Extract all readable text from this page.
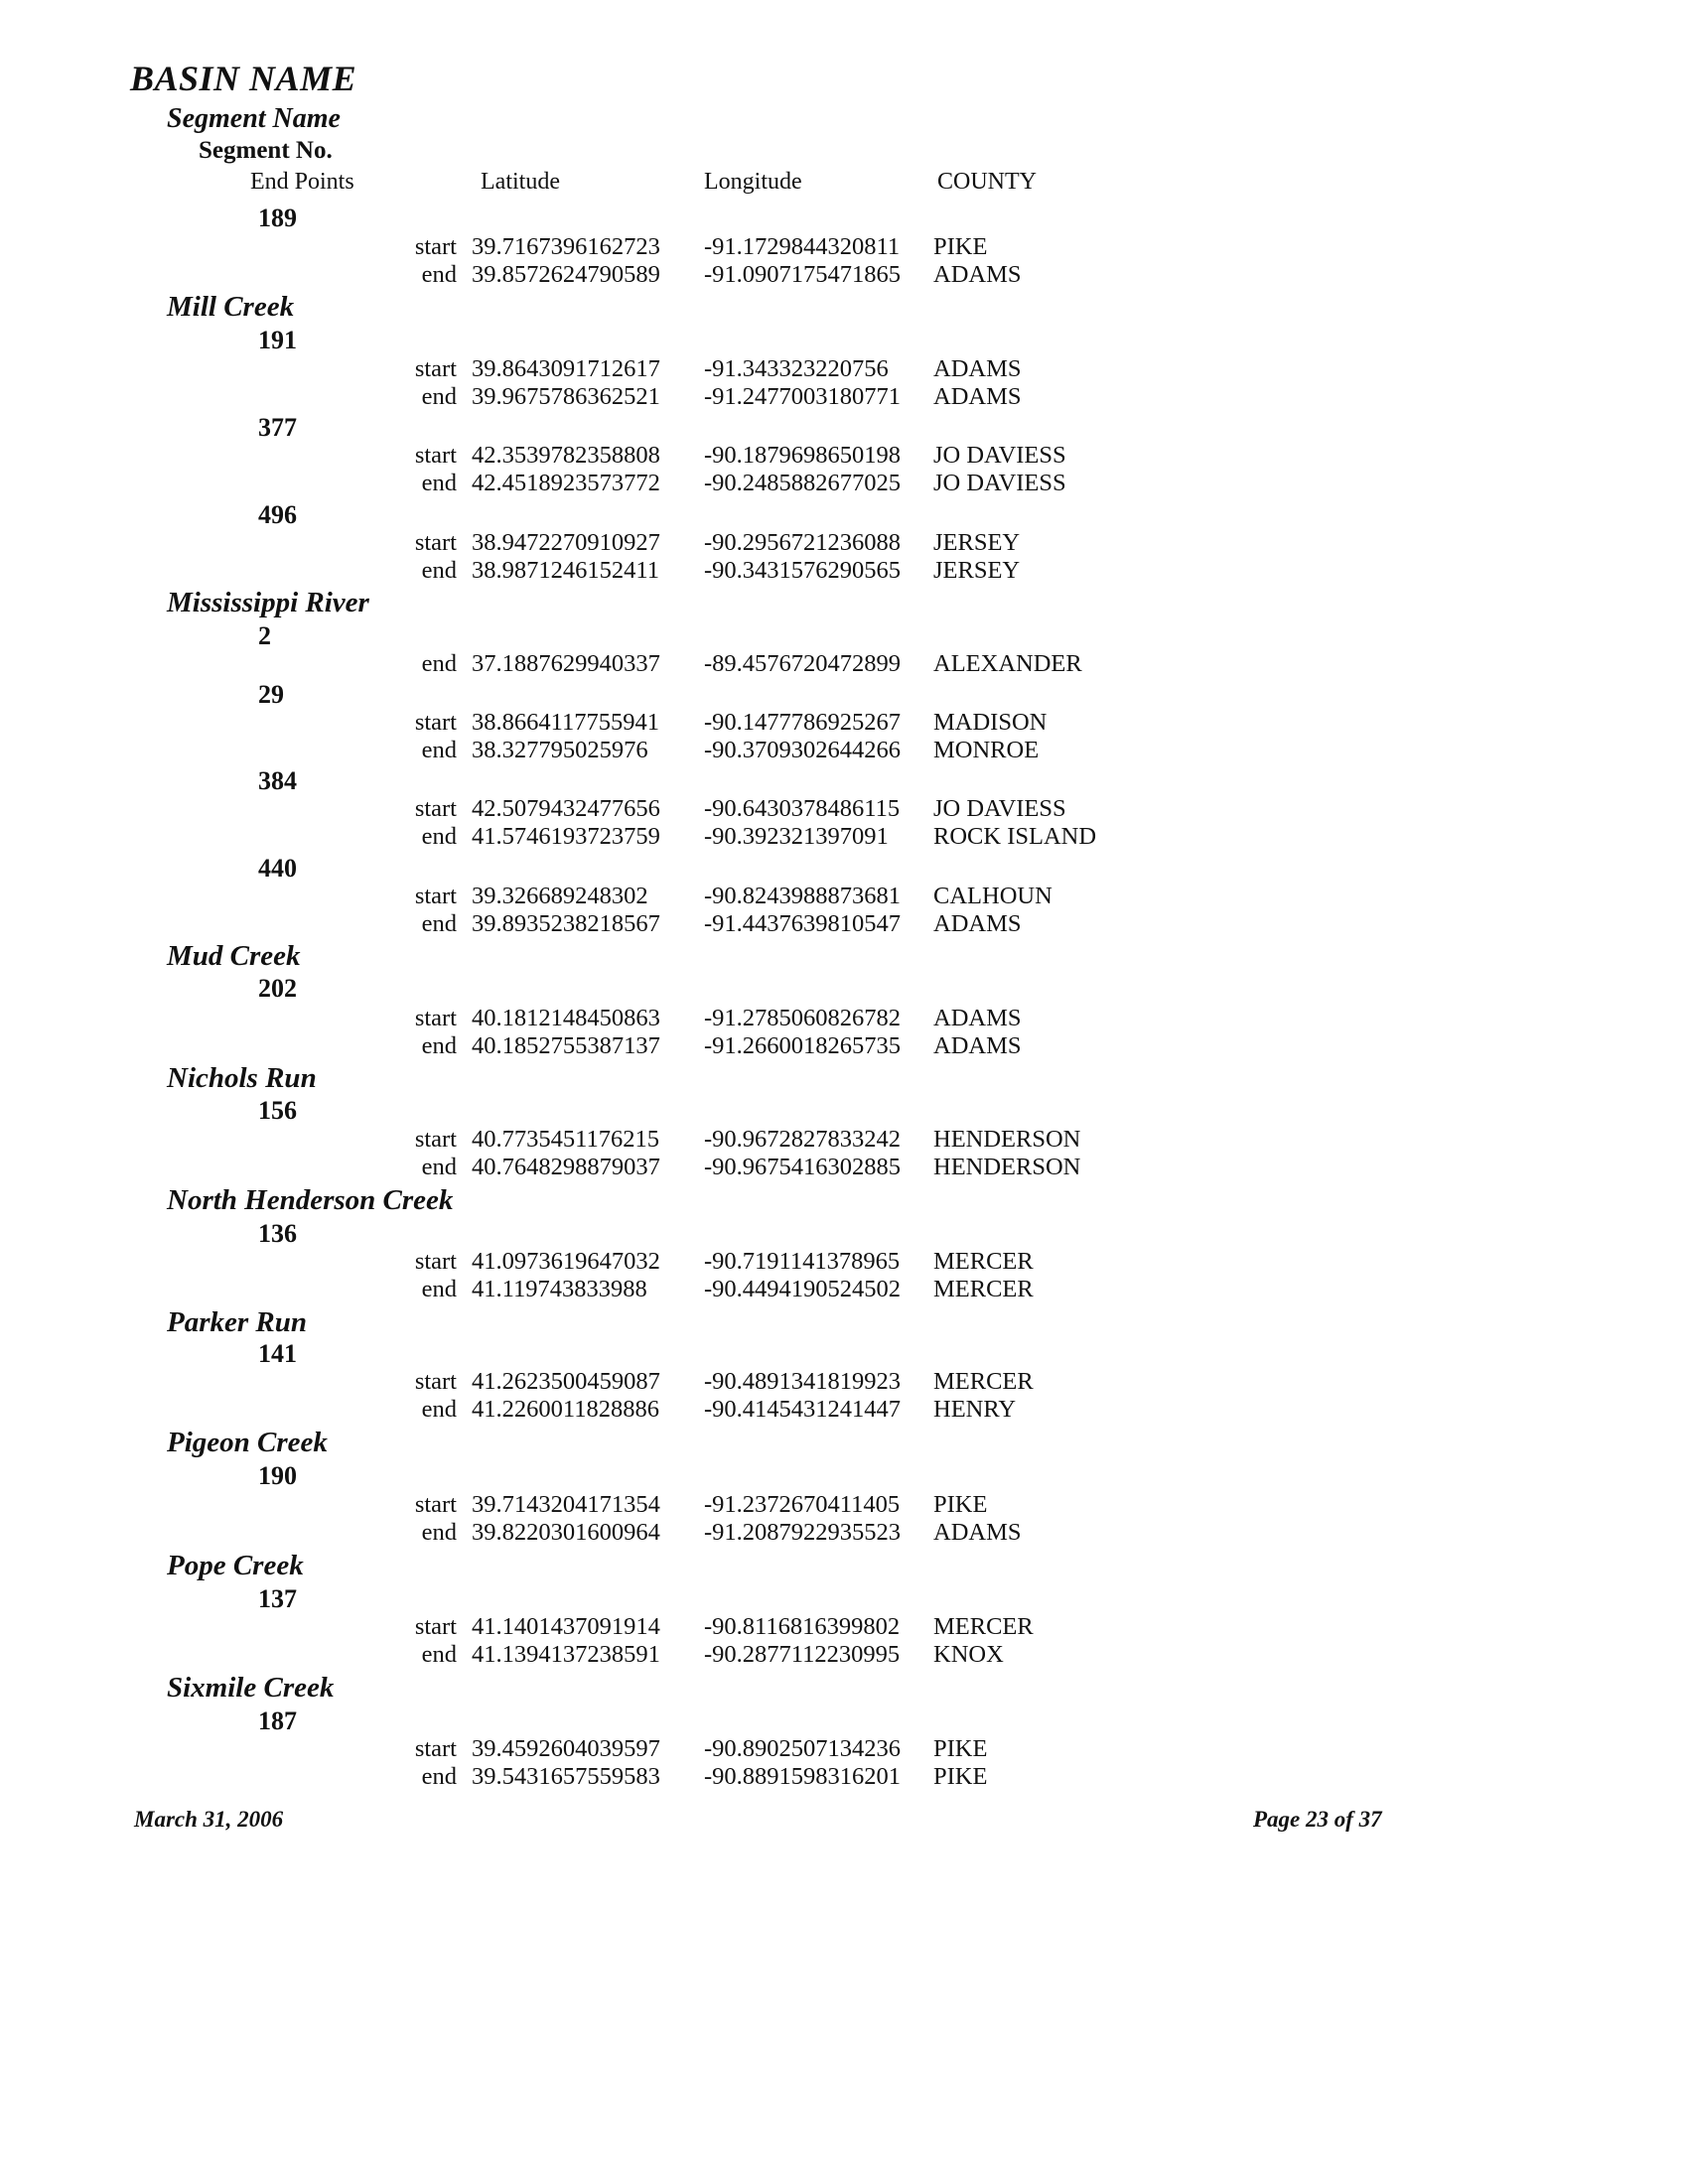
BASIN NAME
Segment Name
Segment No.
End Points	Latitude	Longitude	COUNTY
189
start 39.7167396162723 -91.1729844320811 PIKE
end 39.8572624790589 -91.0907175471865 ADAMS
Mill Creek
191
start 39.8643091712617 -91.343323220756 ADAMS
end 39.9675786362521 -91.2477003180771 ADAMS
377
start 42.3539782358808 -90.1879698650198 JO DAVIESS
end 42.4518923573772 -90.2485882677025 JO DAVIESS
496
start 38.9472270910927 -90.2956721236088 JERSEY
end 38.9871246152411 -90.3431576290565 JERSEY
Mississippi River
2
end 37.1887629940337 -89.4576720472899 ALEXANDER
29
start 38.8664117755941 -90.1477786925267 MADISON
end 38.327795025976 -90.3709302644266 MONROE
384
start 42.5079432477656 -90.6430378486115 JO DAVIESS
end 41.5746193723759 -90.392321397091 ROCK ISLAND
440
start 39.326689248302 -90.8243988873681 CALHOUN
end 39.8935238218567 -91.4437639810547 ADAMS
Mud Creek
202
start 40.1812148450863 -91.2785060826782 ADAMS
end 40.1852755387137 -91.2660018265735 ADAMS
Nichols Run
156
start 40.7735451176215 -90.9672827833242 HENDERSON
end 40.7648298879037 -90.9675416302885 HENDERSON
North Henderson Creek
136
start 41.0973619647032 -90.7191141378965 MERCER
end 41.119743833988 -90.4494190524502 MERCER
Parker Run
141
start 41.2623500459087 -90.4891341819923 MERCER
end 41.2260011828886 -90.4145431241447 HENRY
Pigeon Creek
190
start 39.7143204171354 -91.2372670411405 PIKE
end 39.8220301600964 -91.2087922935523 ADAMS
Pope Creek
137
start 41.1401437091914 -90.8116816399802 MERCER
end 41.1394137238591 -90.2877112230995 KNOX
Sixmile Creek
187
start 39.4592604039597 -90.8902507134236 PIKE
end 39.5431657559583 -90.8891598316201 PIKE
March 31, 2006	Page 23 of 37
